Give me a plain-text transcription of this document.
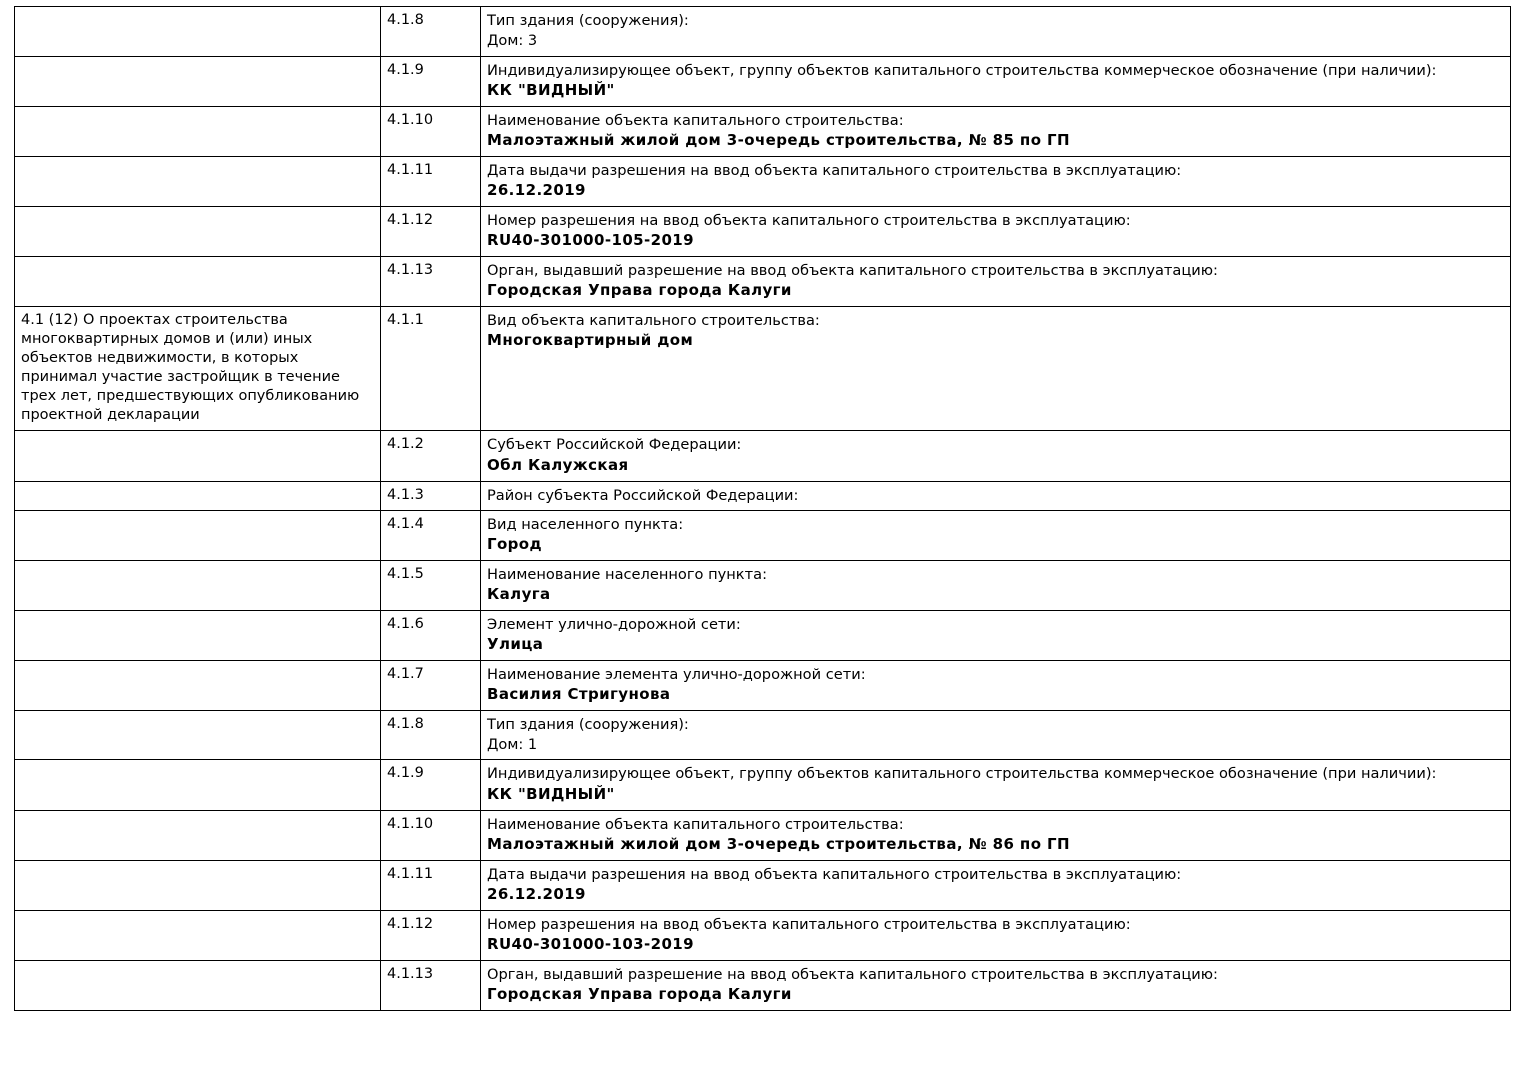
	4.1.8	Тип здания (сооружения):
Дом: 3

	4.1.9	Индивидуализирующее объект, группу объектов капитального строительства коммерческое обозначение (при наличии):
КК "ВИДНЫЙ"

	4.1.10	Наименование объекта капитального строительства:
Малоэтажный жилой дом 3-очередь строительства, № 85 по ГП

	4.1.11	Дата выдачи разрешения на ввод объекта капитального строительства в эксплуатацию:
26.12.2019

	4.1.12	Номер разрешения на ввод объекта капитального строительства в эксплуатацию:
RU40-301000-105-2019

	4.1.13	Орган, выдавший разрешение на ввод объекта капитального строительства в эксплуатацию:
Городская Управа города Калуги

4.1 (12) О проектах строительства многоквартирных домов и (или) иных объектов недвижимости, в которых принимал участие застройщик в течение трех лет, предшествующих опубликованию проектной декларации	4.1.1	Вид объекта капитального строительства:
Многоквартирный дом

	4.1.2	Субъект Российской Федерации:
Обл Калужская

	4.1.3	Район субъекта Российской Федерации:

	4.1.4	Вид населенного пункта:
Город

	4.1.5	Наименование населенного пункта:
Калуга

	4.1.6	Элемент улично-дорожной сети:
Улица

	4.1.7	Наименование элемента улично-дорожной сети:
Василия Стригунова

	4.1.8	Тип здания (сооружения):
Дом: 1

	4.1.9	Индивидуализирующее объект, группу объектов капитального строительства коммерческое обозначение (при наличии):
КК "ВИДНЫЙ"

	4.1.10	Наименование объекта капитального строительства:
Малоэтажный жилой дом 3-очередь строительства, № 86 по ГП

	4.1.11	Дата выдачи разрешения на ввод объекта капитального строительства в эксплуатацию:
26.12.2019

	4.1.12	Номер разрешения на ввод объекта капитального строительства в эксплуатацию:
RU40-301000-103-2019

	4.1.13	Орган, выдавший разрешение на ввод объекта капитального строительства в эксплуатацию:
Городская Управа города Калуги
